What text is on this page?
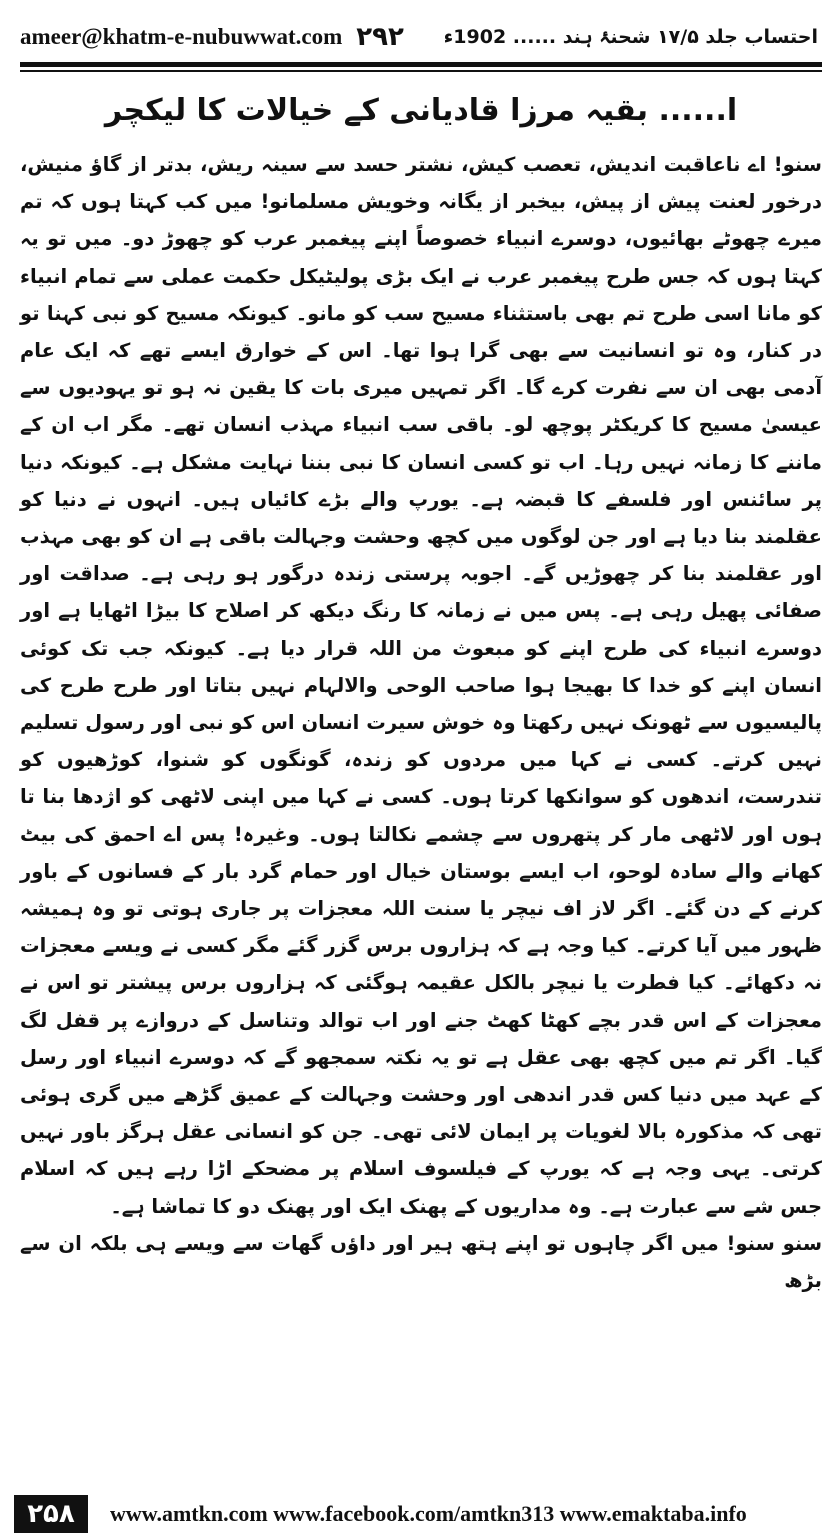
ameer@khatm-e-nubuwwat.com ۲۹۲ احتساب جلد ۱۷/۵ شحنۂ ہند ...... 1902ء
ا...... بقیہ مرزا قادیانی کے خیالات کا لیکچر

سنو! اے ناعاقبت اندیش، تعصب کیش، نشتر حسد سے سینہ ریش، بدتر از گاؤ منیش، درخور لعنت پیش از پیش، بیخبر از یگانہ وخویش مسلمانو! میں کب کہتا ہوں کہ تم میرے چھوٹے بھائیوں، دوسرے انبیاء خصوصاً اپنے پیغمبر عرب کو چھوڑ دو۔ میں تو یہ کہتا ہوں کہ جس طرح پیغمبر عرب نے ایک بڑی پولیٹیکل حکمت عملی سے تمام انبیاء کو مانا اسی طرح تم بھی باستثناء مسیح سب کو مانو۔ کیونکہ مسیح کو نبی کہنا تو در کنار، وہ تو انسانیت سے بھی گرا ہوا تھا۔ اس کے خوارق ایسے تھے کہ ایک عام آدمی بھی ان سے نفرت کرے گا۔ اگر تمہیں میری بات کا یقین نہ ہو تو یہودیوں سے عیسیٰ مسیح کا کریکٹر پوچھ لو۔ باقی سب انبیاء مہذب انسان تھے۔ مگر اب ان کے ماننے کا زمانہ نہیں رہا۔ اب تو کسی انسان کا نبی بننا نہایت مشکل ہے۔ کیونکہ دنیا پر سائنس اور فلسفے کا قبضہ ہے۔ یورپ والے بڑے کائیاں ہیں۔ انہوں نے دنیا کو عقلمند بنا دیا ہے اور جن لوگوں میں کچھ وحشت وجہالت باقی ہے ان کو بھی مہذب اور عقلمند بنا کر چھوڑیں گے۔ اجوبہ پرستی زندہ درگور ہو رہی ہے۔ صداقت اور صفائی پھیل رہی ہے۔ پس میں نے زمانہ کا رنگ دیکھ کر اصلاح کا بیڑا اٹھایا ہے اور دوسرے انبیاء کی طرح اپنے کو مبعوث من اللہ قرار دیا ہے۔ کیونکہ جب تک کوئی انسان اپنے کو خدا کا بھیجا ہوا صاحب الوحی والالہام نہیں بتاتا اور طرح طرح کی پالیسیوں سے ٹھونک نہیں رکھتا وہ خوش سیرت انسان اس کو نبی اور رسول تسلیم نہیں کرتے۔ کسی نے کہا میں مردوں کو زندہ، گونگوں کو شنوا، کوڑھیوں کو تندرست، اندھوں کو سوانکھا کرتا ہوں۔ کسی نے کہا میں اپنی لاٹھی کو اژدھا بنا تا ہوں اور لاٹھی مار کر پتھروں سے چشمے نکالتا ہوں۔ وغیرہ! پس اے احمق کی بیٹ کھانے والے سادہ لوحو، اب ایسے بوستان خیال اور حمام گرد بار کے فسانوں کے باور کرنے کے دن گئے۔ اگر لاز اف نیچر یا سنت اللہ معجزات پر جاری ہوتی تو وہ ہمیشہ ظہور میں آیا کرتے۔ کیا وجہ ہے کہ ہزاروں برس گزر گئے مگر کسی نے ویسے معجزات نہ دکھائے۔ کیا فطرت یا نیچر بالکل عقیمہ ہوگئی کہ ہزاروں برس پیشتر تو اس نے معجزات کے اس قدر بچے کھٹا کھٹ جنے اور اب توالد وتناسل کے دروازے پر قفل لگ گیا۔ اگر تم میں کچھ بھی عقل ہے تو یہ نکتہ سمجھو گے کہ دوسرے انبیاء اور رسل کے عہد میں دنیا کس قدر اندھی اور وحشت وجہالت کے عمیق گڑھے میں گری ہوئی تھی کہ مذکورہ بالا لغویات پر ایمان لائی تھی۔ جن کو انسانی عقل ہرگز باور نہیں کرتی۔ یہی وجہ ہے کہ یورپ کے فیلسوف اسلام پر مضحکے اڑا رہے ہیں کہ اسلام جس شے سے عبارت ہے۔ وہ مداریوں کے پھنک ایک اور پھنک دو کا تماشا ہے۔

سنو سنو! میں اگر چاہوں تو اپنے ہتھ ہیر اور داؤں گھات سے ویسے ہی بلکہ ان سے بڑھ

۲۵۸	www.amtkn.com www.facebook.com/amtkn313 www.emaktaba.info
